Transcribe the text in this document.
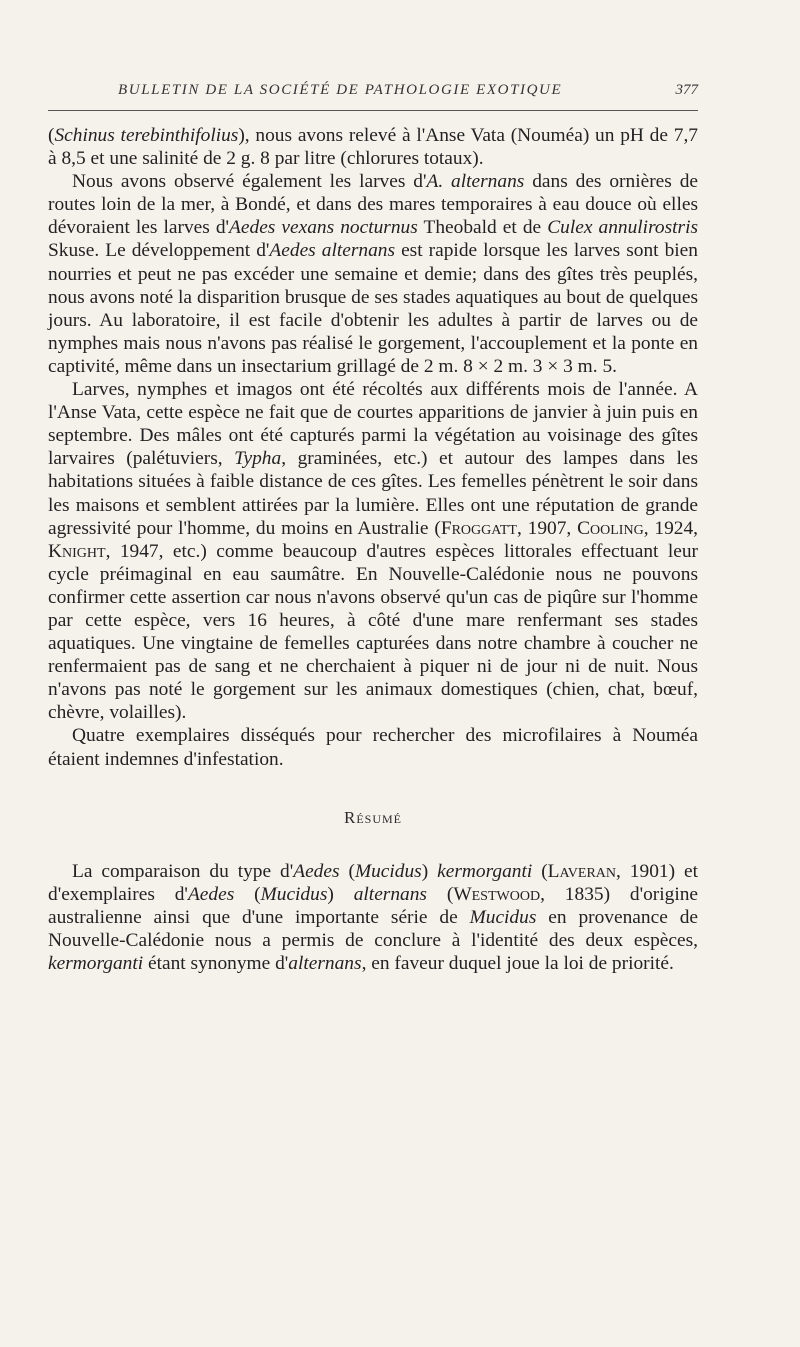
BULLETIN DE LA SOCIÉTÉ DE PATHOLOGIE EXOTIQUE	377

(Schinus terebinthifolius), nous avons relevé à l'Anse Vata (Nouméa) un pH de 7,7 à 8,5 et une salinité de 2 g. 8 par litre (chlorures totaux).

Nous avons observé également les larves d'A. alternans dans des ornières de routes loin de la mer, à Bondé, et dans des mares temporaires à eau douce où elles dévoraient les larves d'Aedes vexans nocturnus Theobald et de Culex annulirostris Skuse. Le développement d'Aedes alternans est rapide lorsque les larves sont bien nourries et peut ne pas excéder une semaine et demie; dans des gîtes très peuplés, nous avons noté la disparition brusque de ses stades aquatiques au bout de quelques jours. Au laboratoire, il est facile d'obtenir les adultes à partir de larves ou de nymphes mais nous n'avons pas réalisé le gorgement, l'accouplement et la ponte en captivité, même dans un insectarium grillagé de 2 m. 8 × 2 m. 3 × 3 m. 5.

Larves, nymphes et imagos ont été récoltés aux différents mois de l'année. A l'Anse Vata, cette espèce ne fait que de courtes apparitions de janvier à juin puis en septembre. Des mâles ont été capturés parmi la végétation au voisinage des gîtes larvaires (palétuviers, Typha, graminées, etc.) et autour des lampes dans les habitations situées à faible distance de ces gîtes. Les femelles pénètrent le soir dans les maisons et semblent attirées par la lumière. Elles ont une réputation de grande agressivité pour l'homme, du moins en Australie (Froggatt, 1907, Cooling, 1924, Knight, 1947, etc.) comme beaucoup d'autres espèces littorales effectuant leur cycle préimaginal en eau saumâtre. En Nouvelle-Calédonie nous ne pouvons confirmer cette assertion car nous n'avons observé qu'un cas de piqûre sur l'homme par cette espèce, vers 16 heures, à côté d'une mare renfermant ses stades aquatiques. Une vingtaine de femelles capturées dans notre chambre à coucher ne renfermaient pas de sang et ne cherchaient à piquer ni de jour ni de nuit. Nous n'avons pas noté le gorgement sur les animaux domestiques (chien, chat, bœuf, chèvre, volailles).

Quatre exemplaires disséqués pour rechercher des microfilaires à Nouméa étaient indemnes d'infestation.

Résumé

La comparaison du type d'Aedes (Mucidus) kermorganti (Laveran, 1901) et d'exemplaires d'Aedes (Mucidus) alternans (Westwood, 1835) d'origine australienne ainsi que d'une importante série de Mucidus en provenance de Nouvelle-Calédonie nous a permis de conclure à l'identité des deux espèces, kermorganti étant synonyme d'alternans, en faveur duquel joue la loi de priorité.
